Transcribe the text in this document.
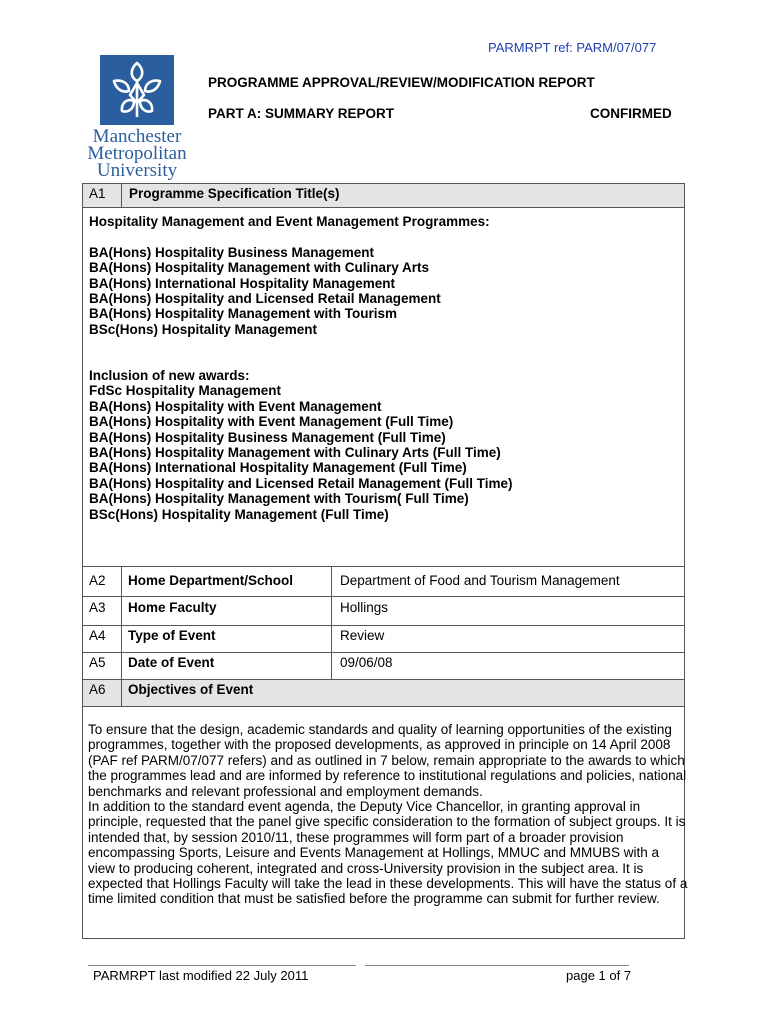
PARMRPT ref: PARM/07/077
Manchester
Metropolitan
University
PROGRAMME APPROVAL/REVIEW/MODIFICATION REPORT
PART A: SUMMARY REPORT	CONFIRMED
A1	Programme Specification Title(s)

Hospitality Management and Event Management Programmes:

BA(Hons) Hospitality Business Management

BA(Hons) Hospitality Management with Culinary Arts

BA(Hons) International Hospitality Management

BA(Hons) Hospitality and Licensed Retail Management

BA(Hons) Hospitality Management with Tourism

BSc(Hons) Hospitality Management

Inclusion of new awards:

FdSc Hospitality Management

BA(Hons) Hospitality with Event Management

BA(Hons) Hospitality with Event Management (Full Time)

BA(Hons) Hospitality Business Management (Full Time)

BA(Hons) Hospitality Management with Culinary Arts (Full Time)

BA(Hons) International Hospitality Management (Full Time)

BA(Hons) Hospitality and Licensed Retail Management (Full Time)

BA(Hons) Hospitality Management with Tourism( Full Time)

BSc(Hons) Hospitality Management (Full Time)

A2	Home Department/School	Department of Food and Tourism Management
A3	Home Faculty	Hollings
A4	Type of Event	Review
A5	Date of Event	09/06/08
A6	Objectives of Event

To ensure that the design, academic standards and quality of learning opportunities of the existing programmes, together with the proposed developments, as approved in principle on 14 April 2008 (PAF ref PARM/07/077 refers) and as outlined in 7 below, remain appropriate to the awards to which the programmes lead and are informed by reference to institutional regulations and policies, national benchmarks and relevant professional and employment demands.

In addition to the standard event agenda, the Deputy Vice Chancellor, in granting approval in principle, requested that the panel give specific consideration to the formation of subject groups. It is intended that, by session 2010/11, these programmes will form part of a broader provision encompassing Sports, Leisure and Events Management at Hollings, MMUC and MMUBS with a view to producing coherent, integrated and cross-University provision in the subject area. It is expected that Hollings Faculty will take the lead in these developments. This will have the status of a time limited condition that must be satisfied before the programme can submit for further review.

PARMRPT last modified 22 July 2011	page 1 of 7
